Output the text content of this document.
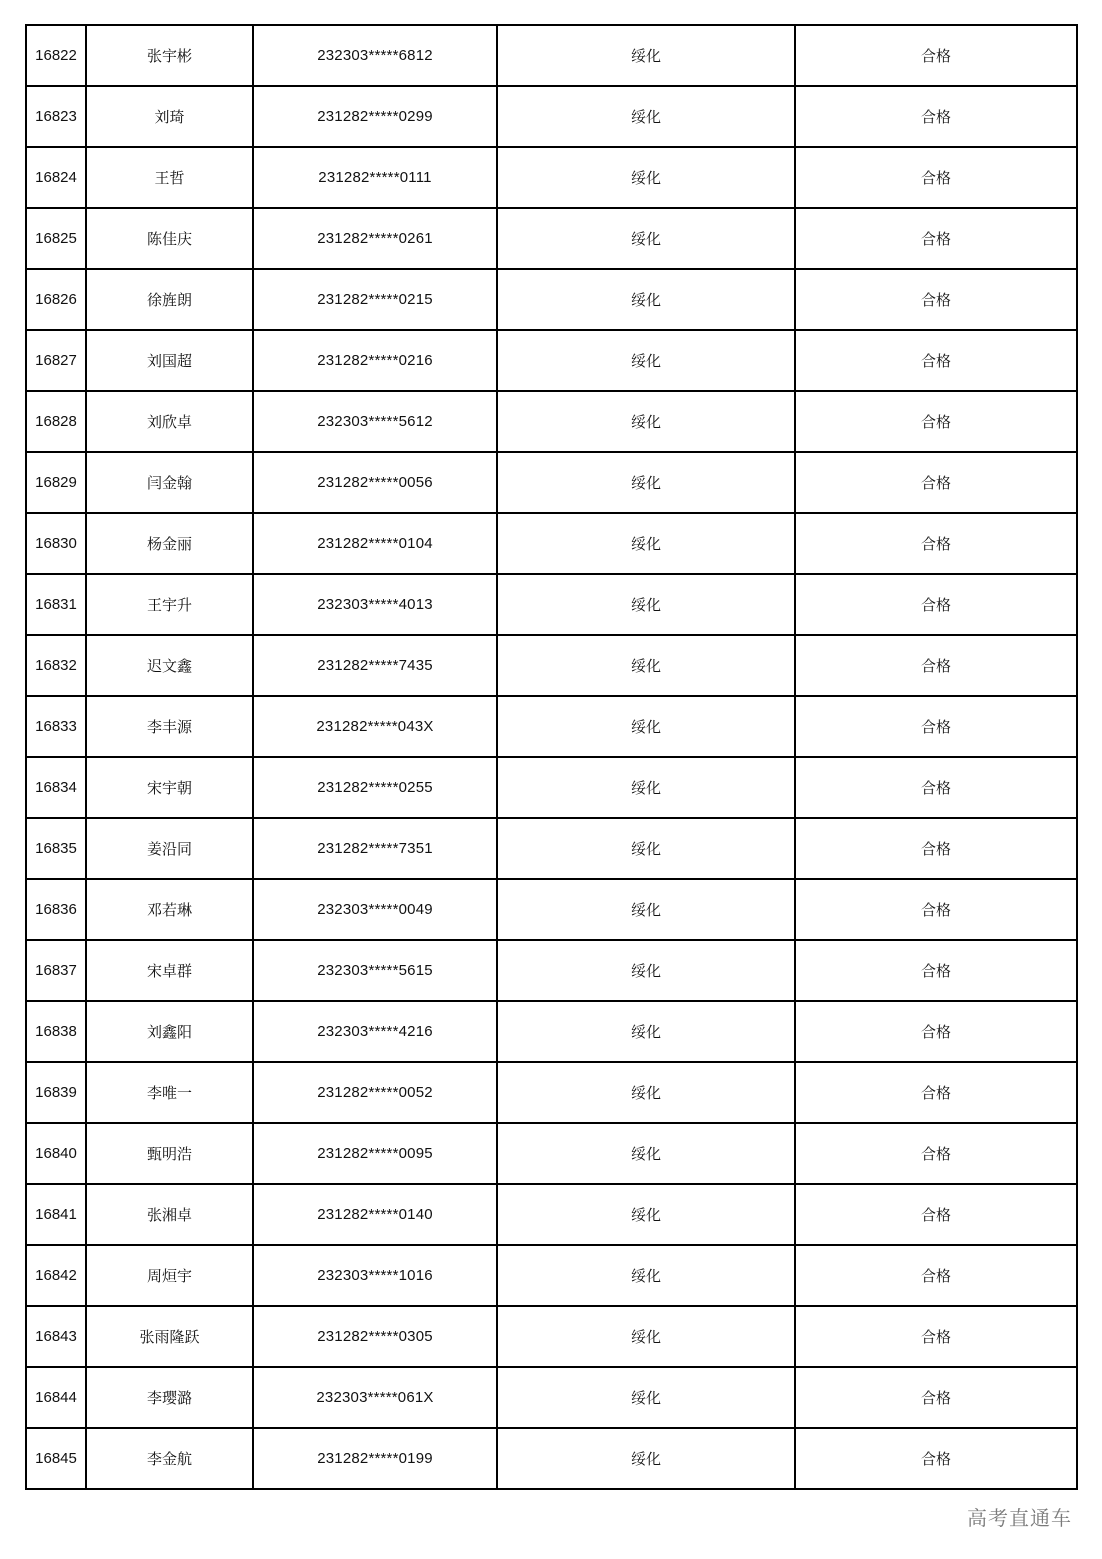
16822	张宇彬	232303*****6812	绥化	合格
16823	刘琦	231282*****0299	绥化	合格
16824	王哲	231282*****0111	绥化	合格
16825	陈佳庆	231282*****0261	绥化	合格
16826	徐旌朗	231282*****0215	绥化	合格
16827	刘国超	231282*****0216	绥化	合格
16828	刘欣卓	232303*****5612	绥化	合格
16829	闫金翰	231282*****0056	绥化	合格
16830	杨金丽	231282*****0104	绥化	合格
16831	王宇升	232303*****4013	绥化	合格
16832	迟文鑫	231282*****7435	绥化	合格
16833	李丰源	231282*****043X	绥化	合格
16834	宋宇朝	231282*****0255	绥化	合格
16835	姜沿同	231282*****7351	绥化	合格
16836	邓若琳	232303*****0049	绥化	合格
16837	宋卓群	232303*****5615	绥化	合格
16838	刘鑫阳	232303*****4216	绥化	合格
16839	李唯一	231282*****0052	绥化	合格
16840	甄明浩	231282*****0095	绥化	合格
16841	张湘卓	231282*****0140	绥化	合格
16842	周烜宇	232303*****1016	绥化	合格
16843	张雨隆跃	231282*****0305	绥化	合格
16844	李璎潞	232303*****061X	绥化	合格
16845	李金航	231282*****0199	绥化	合格
高考直通车
